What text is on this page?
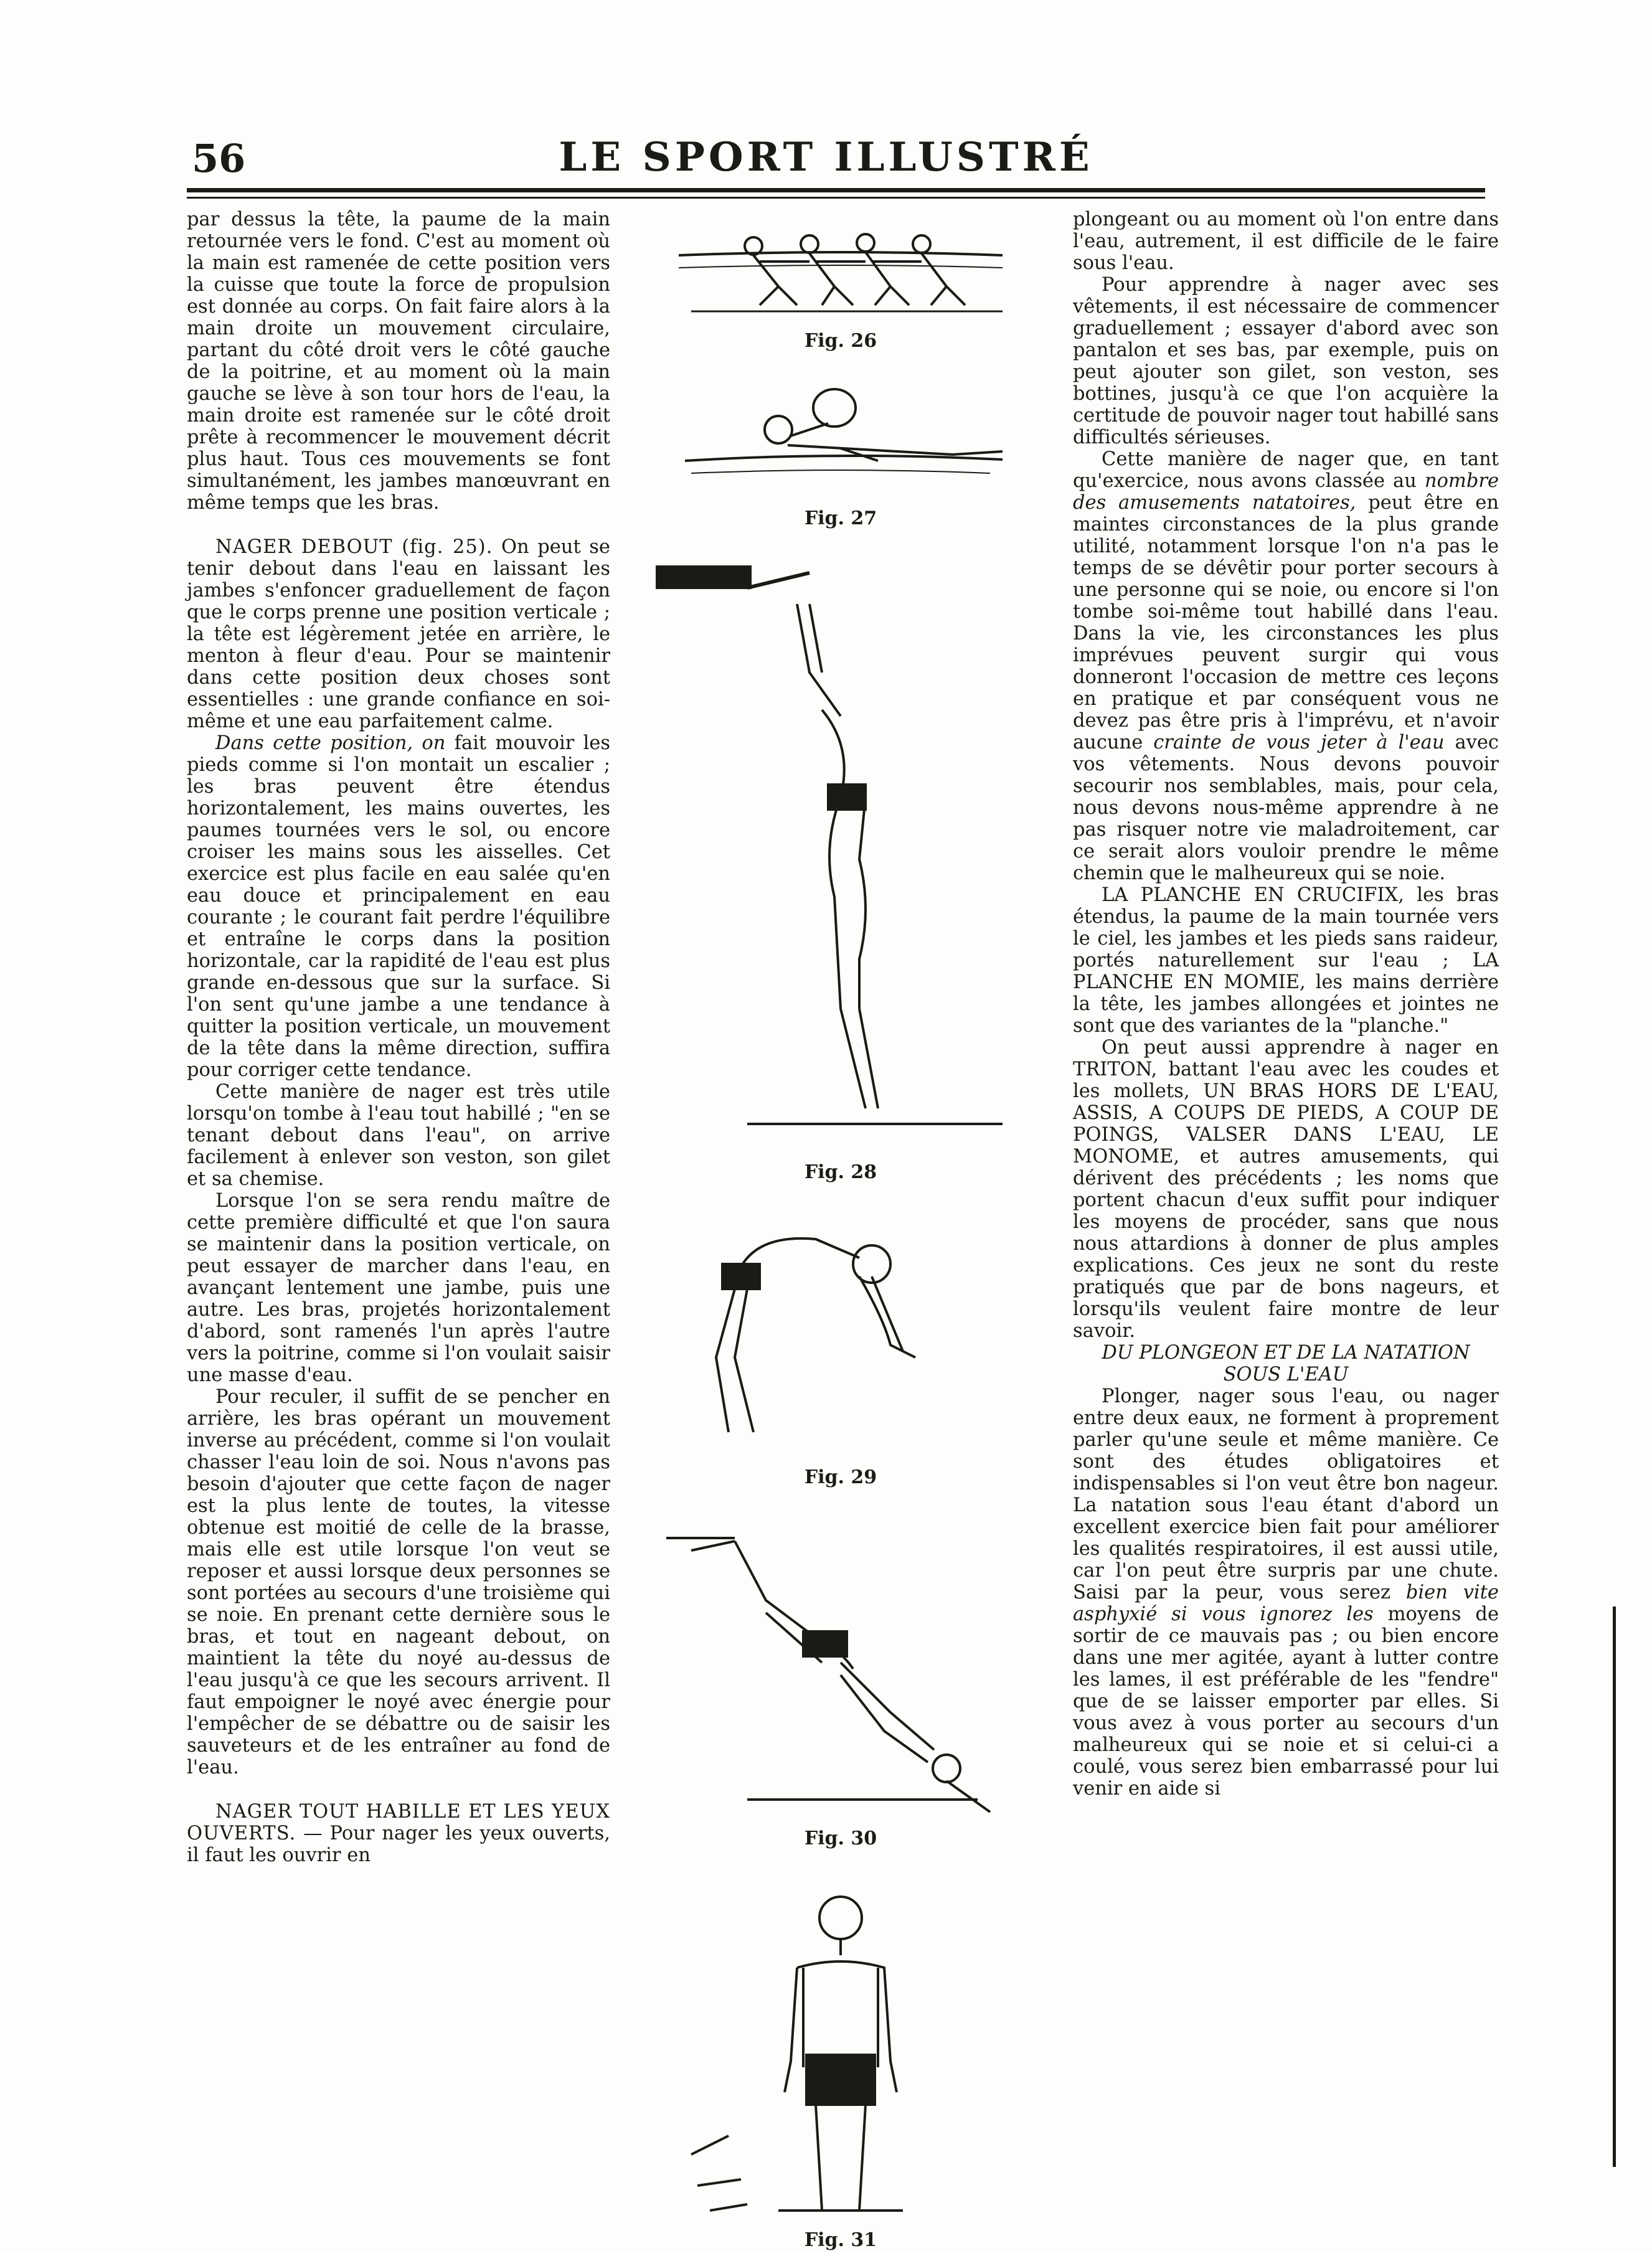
56	LE SPORT ILLUSTRÉ

par dessus la tête, la paume de la main retournée vers le fond. C'est au moment où la main est ramenée de cette position vers la cuisse que toute la force de propulsion est donnée au corps. On fait faire alors à la main droite un mouvement circulaire, partant du côté droit vers le côté gauche de la poitrine, et au moment où la main gauche se lève à son tour hors de l'eau, la main droite est ramenée sur le côté droit prête à recommencer le mouvement décrit plus haut. Tous ces mouvements se font simultanément, les jambes manœuvrant en même temps que les bras.

NAGER DEBOUT (fig. 25). On peut se tenir debout dans l'eau en laissant les jambes s'enfoncer graduellement de façon que le corps prenne une position verticale ; la tête est légèrement jetée en arrière, le menton à fleur d'eau. Pour se maintenir dans cette position deux choses sont essentielles : une grande confiance en soi-même et une eau parfaitement calme.

Dans cette position, on fait mouvoir les pieds comme si l'on montait un escalier ; les bras peuvent être étendus horizontalement, les mains ouvertes, les paumes tournées vers le sol, ou encore croiser les mains sous les aisselles. Cet exercice est plus facile en eau salée qu'en eau douce et principalement en eau courante ; le courant fait perdre l'équilibre et entraîne le corps dans la position horizontale, car la rapidité de l'eau est plus grande en-dessous que sur la surface. Si l'on sent qu'une jambe a une tendance à quitter la position verticale, un mouvement de la tête dans la même direction, suffira pour corriger cette tendance.

Cette manière de nager est très utile lorsqu'on tombe à l'eau tout habillé ; "en se tenant debout dans l'eau", on arrive facilement à enlever son veston, son gilet et sa chemise.

Lorsque l'on se sera rendu maître de cette première difficulté et que l'on saura se maintenir dans la position verticale, on peut essayer de marcher dans l'eau, en avançant lentement une jambe, puis une autre. Les bras, projetés horizontalement d'abord, sont ramenés l'un après l'autre vers la poitrine, comme si l'on voulait saisir une masse d'eau.

Pour reculer, il suffit de se pencher en arrière, les bras opérant un mouvement inverse au précédent, comme si l'on voulait chasser l'eau loin de soi. Nous n'avons pas besoin d'ajouter que cette façon de nager est la plus lente de toutes, la vitesse obtenue est moitié de celle de la brasse, mais elle est utile lorsque l'on veut se reposer et aussi lorsque deux personnes se sont portées au secours d'une troisième qui se noie. En prenant cette dernière sous le bras, et tout en nageant debout, on maintient la tête du noyé au-dessus de l'eau jusqu'à ce que les secours arrivent. Il faut empoigner le noyé avec énergie pour l'empêcher de se débattre ou de saisir les sauveteurs et de les entraîner au fond de l'eau.

NAGER TOUT HABILLE ET LES YEUX OUVERTS. — Pour nager les yeux ouverts, il faut les ouvrir en

Fig. 26
Fig. 27
Fig. 28
Fig. 29
Fig. 30
Fig. 31

plongeant ou au moment où l'on entre dans l'eau, autrement, il est difficile de le faire sous l'eau.

Pour apprendre à nager avec ses vêtements, il est nécessaire de commencer graduellement ; essayer d'abord avec son pantalon et ses bas, par exemple, puis on peut ajouter son gilet, son veston, ses bottines, jusqu'à ce que l'on acquière la certitude de pouvoir nager tout habillé sans difficultés sérieuses.

Cette manière de nager que, en tant qu'exercice, nous avons classée au nombre des amusements natatoires, peut être en maintes circonstances de la plus grande utilité, notamment lorsque l'on n'a pas le temps de se dévêtir pour porter secours à une personne qui se noie, ou encore si l'on tombe soi-même tout habillé dans l'eau. Dans la vie, les circonstances les plus imprévues peuvent surgir qui vous donneront l'occasion de mettre ces leçons en pratique et par conséquent vous ne devez pas être pris à l'imprévu, et n'avoir aucune crainte de vous jeter à l'eau avec vos vêtements. Nous devons pouvoir secourir nos semblables, mais, pour cela, nous devons nous-même apprendre à ne pas risquer notre vie maladroitement, car ce serait alors vouloir prendre le même chemin que le malheureux qui se noie.

LA PLANCHE EN CRUCIFIX, les bras étendus, la paume de la main tournée vers le ciel, les jambes et les pieds sans raideur, portés naturellement sur l'eau ; LA PLANCHE EN MOMIE, les mains derrière la tête, les jambes allongées et jointes ne sont que des variantes de la "planche."

On peut aussi apprendre à nager en TRITON, battant l'eau avec les coudes et les mollets, UN BRAS HORS DE L'EAU, ASSIS, A COUPS DE PIEDS, A COUP DE POINGS, VALSER DANS L'EAU, LE MONOME, et autres amusements, qui dérivent des précédents ; les noms que portent chacun d'eux suffit pour indiquer les moyens de procéder, sans que nous nous attardions à donner de plus amples explications. Ces jeux ne sont du reste pratiqués que par de bons nageurs, et lorsqu'ils veulent faire montre de leur savoir.

DU PLONGEON ET DE LA NATATION SOUS L'EAU

Plonger, nager sous l'eau, ou nager entre deux eaux, ne forment à proprement parler qu'une seule et même manière. Ce sont des études obligatoires et indispensables si l'on veut être bon nageur. La natation sous l'eau étant d'abord un excellent exercice bien fait pour améliorer les qualités respiratoires, il est aussi utile, car l'on peut être surpris par une chute. Saisi par la peur, vous serez bien vite asphyxié si vous ignorez les moyens de sortir de ce mauvais pas ; ou bien encore dans une mer agitée, ayant à lutter contre les lames, il est préférable de les "fendre" que de se laisser emporter par elles. Si vous avez à vous porter au secours d'un malheureux qui se noie et si celui-ci a coulé, vous serez bien embarrassé pour lui venir en aide si
